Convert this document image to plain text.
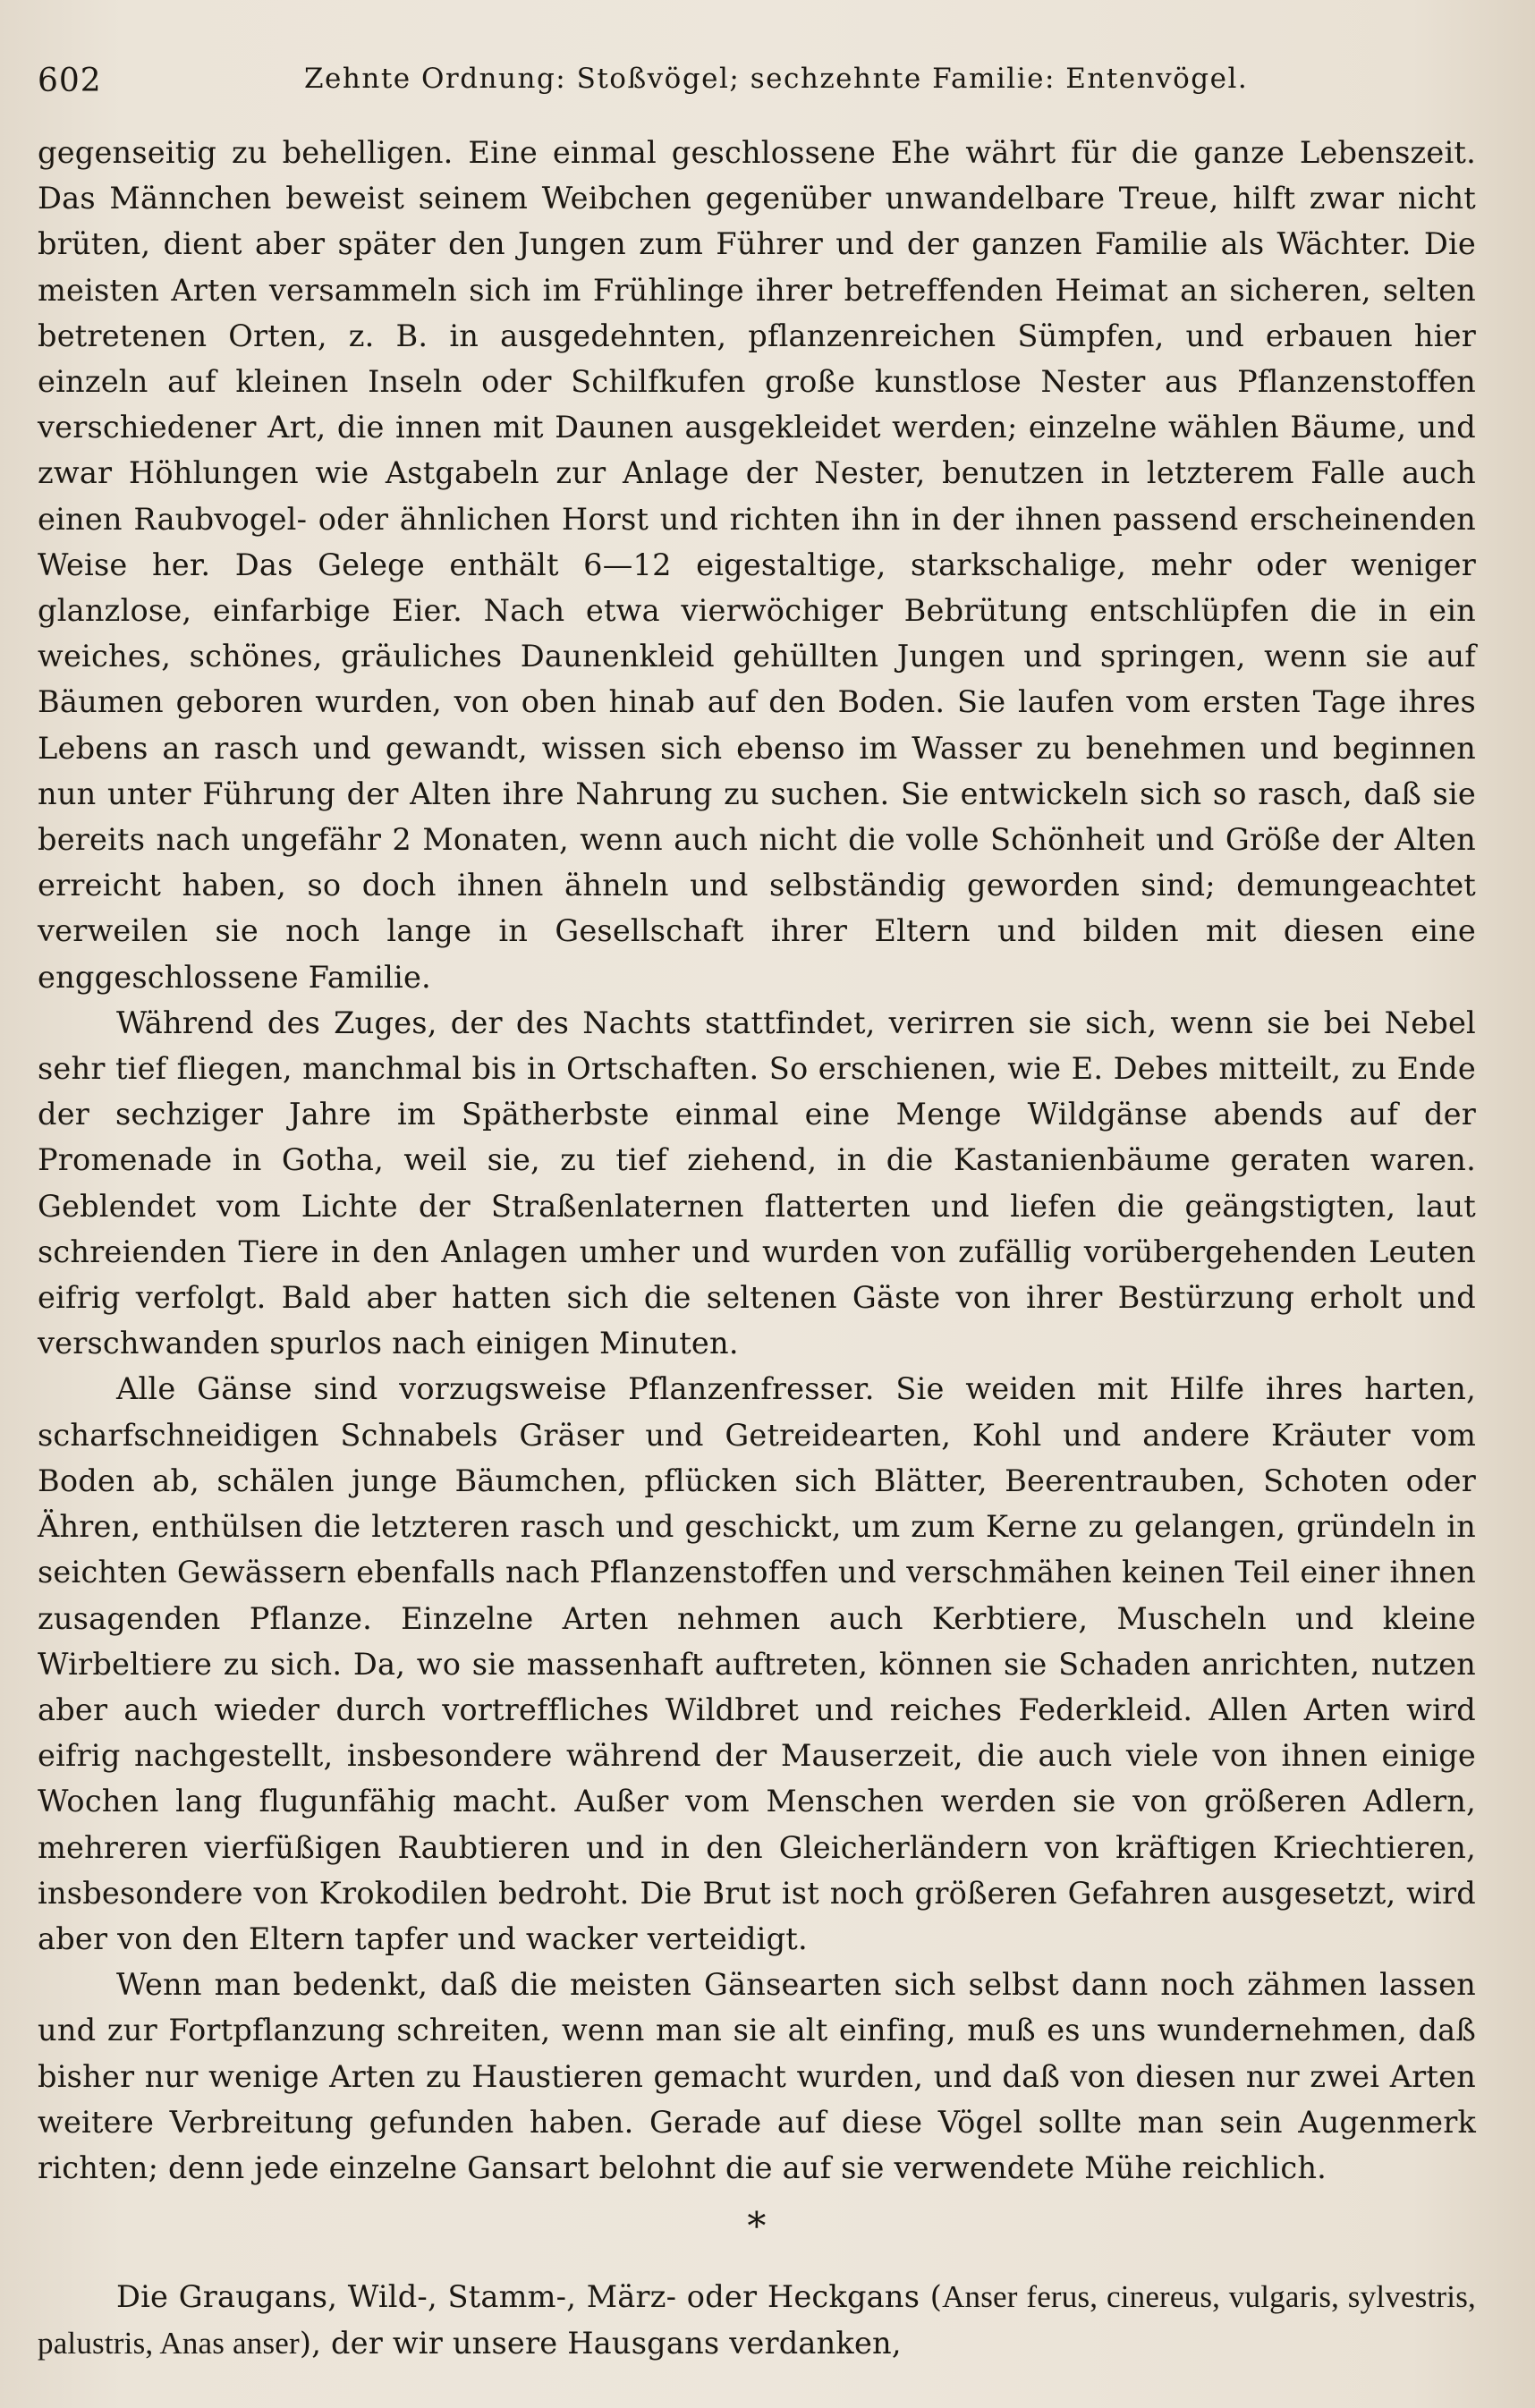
602	Zehnte Ordnung: Stoßvögel; sechzehnte Familie: Entenvögel.

gegenseitig zu behelligen. Eine einmal geschlossene Ehe währt für die ganze Lebenszeit. Das Männchen beweist seinem Weibchen gegenüber unwandelbare Treue, hilft zwar nicht brüten, dient aber später den Jungen zum Führer und der ganzen Familie als Wächter. Die meisten Arten versammeln sich im Frühlinge ihrer betreffenden Heimat an sicheren, selten betretenen Orten, z. B. in ausgedehnten, pflanzenreichen Sümpfen, und erbauen hier einzeln auf kleinen Inseln oder Schilfkufen große kunstlose Nester aus Pflanzenstoffen verschiedener Art, die innen mit Daunen ausgekleidet werden; einzelne wählen Bäume, und zwar Höhlungen wie Astgabeln zur Anlage der Nester, benutzen in letzterem Falle auch einen Raubvogel- oder ähnlichen Horst und richten ihn in der ihnen passend erscheinenden Weise her. Das Gelege enthält 6—12 eigestaltige, starkschalige, mehr oder weniger glanzlose, einfarbige Eier. Nach etwa vierwöchiger Bebrütung entschlüpfen die in ein weiches, schönes, gräuliches Daunenkleid gehüllten Jungen und springen, wenn sie auf Bäumen geboren wurden, von oben hinab auf den Boden. Sie laufen vom ersten Tage ihres Lebens an rasch und gewandt, wissen sich ebenso im Wasser zu benehmen und beginnen nun unter Führung der Alten ihre Nahrung zu suchen. Sie entwickeln sich so rasch, daß sie bereits nach ungefähr 2 Monaten, wenn auch nicht die volle Schönheit und Größe der Alten erreicht haben, so doch ihnen ähneln und selbständig geworden sind; demungeachtet verweilen sie noch lange in Gesellschaft ihrer Eltern und bilden mit diesen eine enggeschlossene Familie.

Während des Zuges, der des Nachts stattfindet, verirren sie sich, wenn sie bei Nebel sehr tief fliegen, manchmal bis in Ortschaften. So erschienen, wie E. Debes mitteilt, zu Ende der sechziger Jahre im Spätherbste einmal eine Menge Wildgänse abends auf der Promenade in Gotha, weil sie, zu tief ziehend, in die Kastanienbäume geraten waren. Geblendet vom Lichte der Straßenlaternen flatterten und liefen die geängstigten, laut schreienden Tiere in den Anlagen umher und wurden von zufällig vorübergehenden Leuten eifrig verfolgt. Bald aber hatten sich die seltenen Gäste von ihrer Bestürzung erholt und verschwanden spurlos nach einigen Minuten.

Alle Gänse sind vorzugsweise Pflanzenfresser. Sie weiden mit Hilfe ihres harten, scharfschneidigen Schnabels Gräser und Getreidearten, Kohl und andere Kräuter vom Boden ab, schälen junge Bäumchen, pflücken sich Blätter, Beerentrauben, Schoten oder Ähren, enthülsen die letzteren rasch und geschickt, um zum Kerne zu gelangen, gründeln in seichten Gewässern ebenfalls nach Pflanzenstoffen und verschmähen keinen Teil einer ihnen zusagenden Pflanze. Einzelne Arten nehmen auch Kerbtiere, Muscheln und kleine Wirbeltiere zu sich. Da, wo sie massenhaft auftreten, können sie Schaden anrichten, nutzen aber auch wieder durch vortreffliches Wildbret und reiches Federkleid. Allen Arten wird eifrig nachgestellt, insbesondere während der Mauserzeit, die auch viele von ihnen einige Wochen lang flugunfähig macht. Außer vom Menschen werden sie von größeren Adlern, mehreren vierfüßigen Raubtieren und in den Gleicherländern von kräftigen Kriechtieren, insbesondere von Krokodilen bedroht. Die Brut ist noch größeren Gefahren ausgesetzt, wird aber von den Eltern tapfer und wacker verteidigt.

Wenn man bedenkt, daß die meisten Gänsearten sich selbst dann noch zähmen lassen und zur Fortpflanzung schreiten, wenn man sie alt einfing, muß es uns wundernehmen, daß bisher nur wenige Arten zu Haustieren gemacht wurden, und daß von diesen nur zwei Arten weitere Verbreitung gefunden haben. Gerade auf diese Vögel sollte man sein Augenmerk richten; denn jede einzelne Gansart belohnt die auf sie verwendete Mühe reichlich.

*

Die Graugans, Wild-, Stamm-, März- oder Heckgans (Anser ferus, cinereus, vulgaris, sylvestris, palustris, Anas anser), der wir unsere Hausgans verdanken,
